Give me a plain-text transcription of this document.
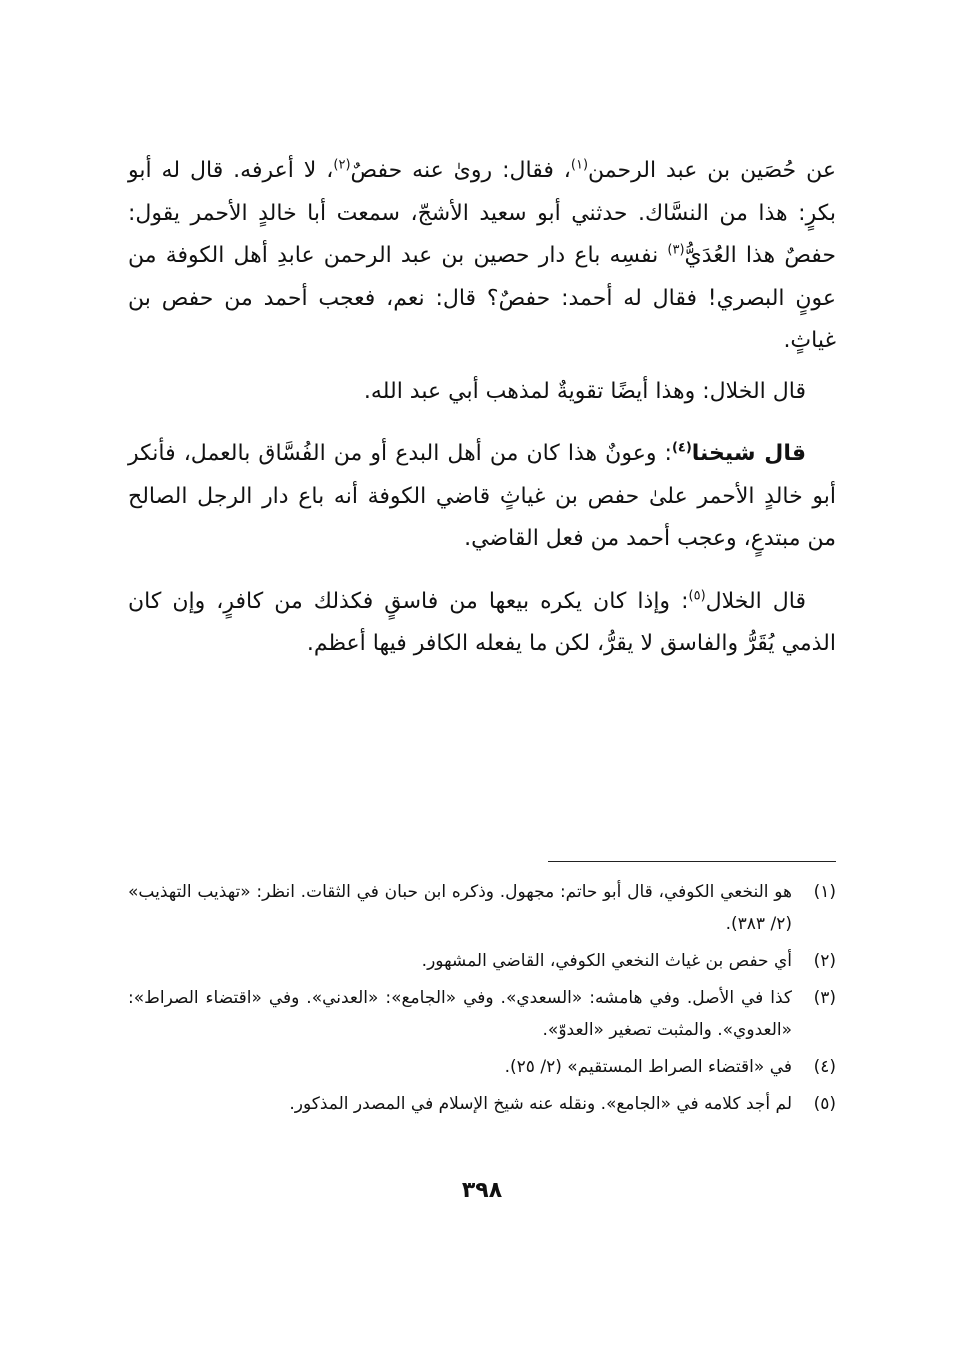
عن حُصَين بن عبد الرحمن$^{(١)}$، فقال: روىٰ عنه حفصٌ$^{(٢)}$، لا أعرفه. قال له أبو بكرٍ: هذا من النسَّاك. حدثني أبو سعيد الأشجّ، سمعت أبا خالدٍ الأحمر يقول: حفصٌ هذا العُدَيُّ$^{(٣)}$ نفسِه باع دار حصين بن عبد الرحمن عابدِ أهل الكوفة من عونٍ البصري! فقال له أحمد: حفصٌ؟ قال: نعم، فعجب أحمد من حفص بن غياثٍ.

قال الخلال: وهذا أيضًا تقويةٌ لمذهب أبي عبد الله.

قال شيخنا$^{(٤)}$: وعونٌ هذا كان من أهل البدع أو من الفُسَّاق بالعمل، فأنكر أبو خالدٍ الأحمر علىٰ حفص بن غياثٍ قاضي الكوفة أنه باع دار الرجل الصالح من مبتدعٍ، وعجب أحمد من فعل القاضي.

قال الخلال$^{(٥)}$: وإذا كان يكره بيعها من فاسقٍ فكذلك من كافرٍ، وإن كان الذمي يُقَرُّ والفاسق لا يقرُّ، لكن ما يفعله الكافر فيها أعظم.

(١)
هو النخعي الكوفي، قال أبو حاتم: مجهول. وذكره ابن حبان في الثقات. انظر: «تهذيب التهذيب» (٢/ ٣٨٣).
(٢)
أي حفص بن غياث النخعي الكوفي، القاضي المشهور.
(٣)
كذا في الأصل. وفي هامشه: «السعدي». وفي «الجامع»: «العدني». وفي «اقتضاء الصراط»: «العدوي». والمثبت تصغير «العدوّ».
(٤)
في «اقتضاء الصراط المستقيم» (٢/ ٢٥).
(٥)
لم أجد كلامه في «الجامع». ونقله عنه شيخ الإسلام في المصدر المذكور.
٣٩٨
